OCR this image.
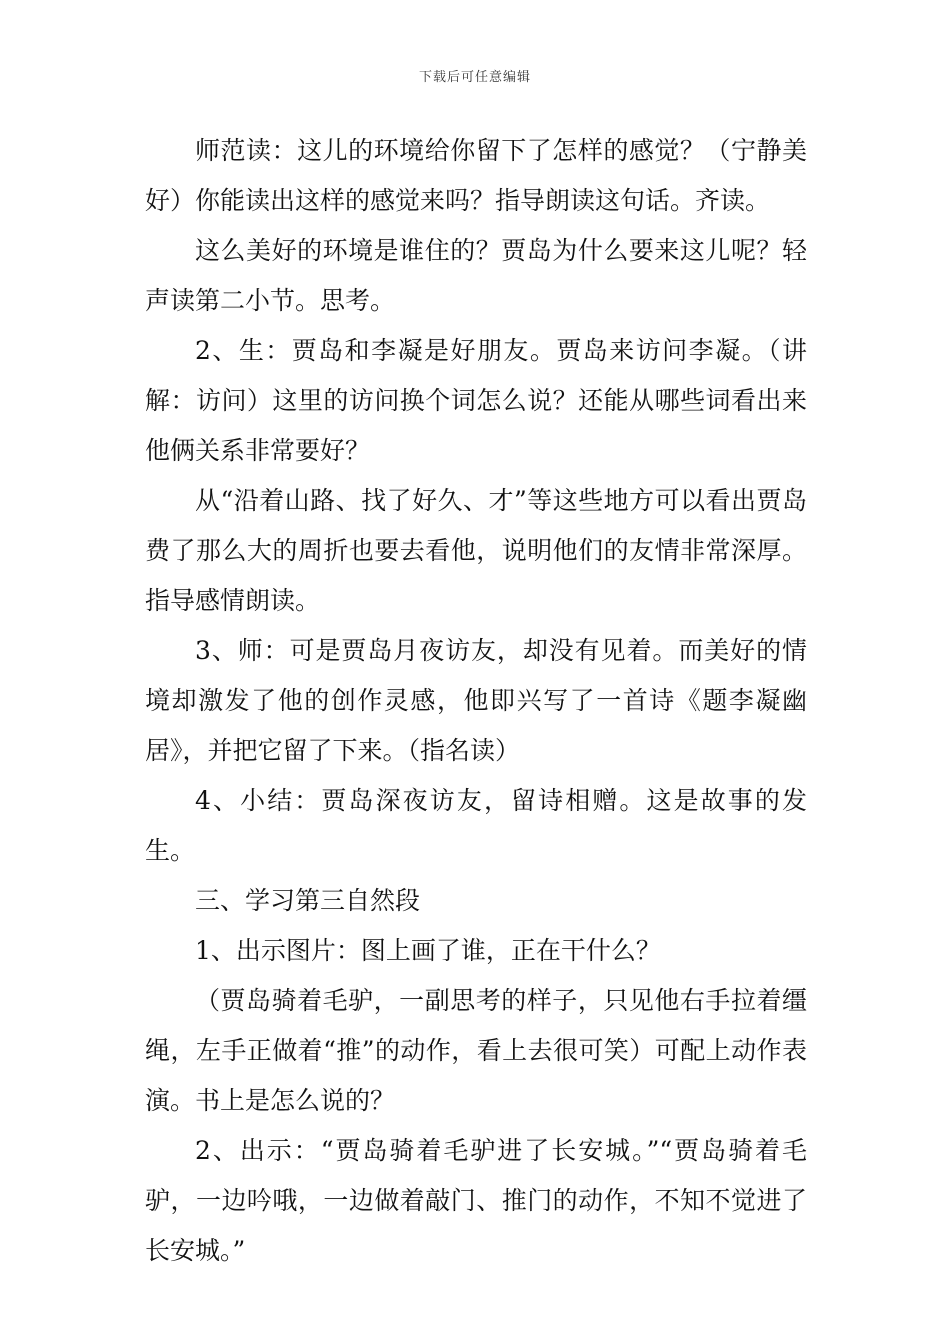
下载后可任意编辑

师范读：这儿的环境给你留下了怎样的感觉？（宁静美好）你能读出这样的感觉来吗？指导朗读这句话。齐读。

这么美好的环境是谁住的？贾岛为什么要来这儿呢？轻声读第二小节。思考。

2、生：贾岛和李凝是好朋友。贾岛来访问李凝。（讲解：访问）这里的访问换个词怎么说？还能从哪些词看出来他俩关系非常要好？

从“沿着山路、找了好久、才”等这些地方可以看出贾岛费了那么大的周折也要去看他，说明他们的友情非常深厚。指导感情朗读。

3、师：可是贾岛月夜访友，却没有见着。而美好的情境却激发了他的创作灵感，他即兴写了一首诗《题李凝幽居》，并把它留了下来。（指名读）

4、小结：贾岛深夜访友，留诗相赠。这是故事的发生。

三、学习第三自然段

1、出示图片：图上画了谁，正在干什么？

（贾岛骑着毛驴，一副思考的样子，只见他右手拉着缰绳，左手正做着“推”的动作，看上去很可笑）可配上动作表演。书上是怎么说的？

2、出示：“贾岛骑着毛驴进了长安城。”“贾岛骑着毛驴，一边吟哦，一边做着敲门、推门的动作，不知不觉进了长安城。”
